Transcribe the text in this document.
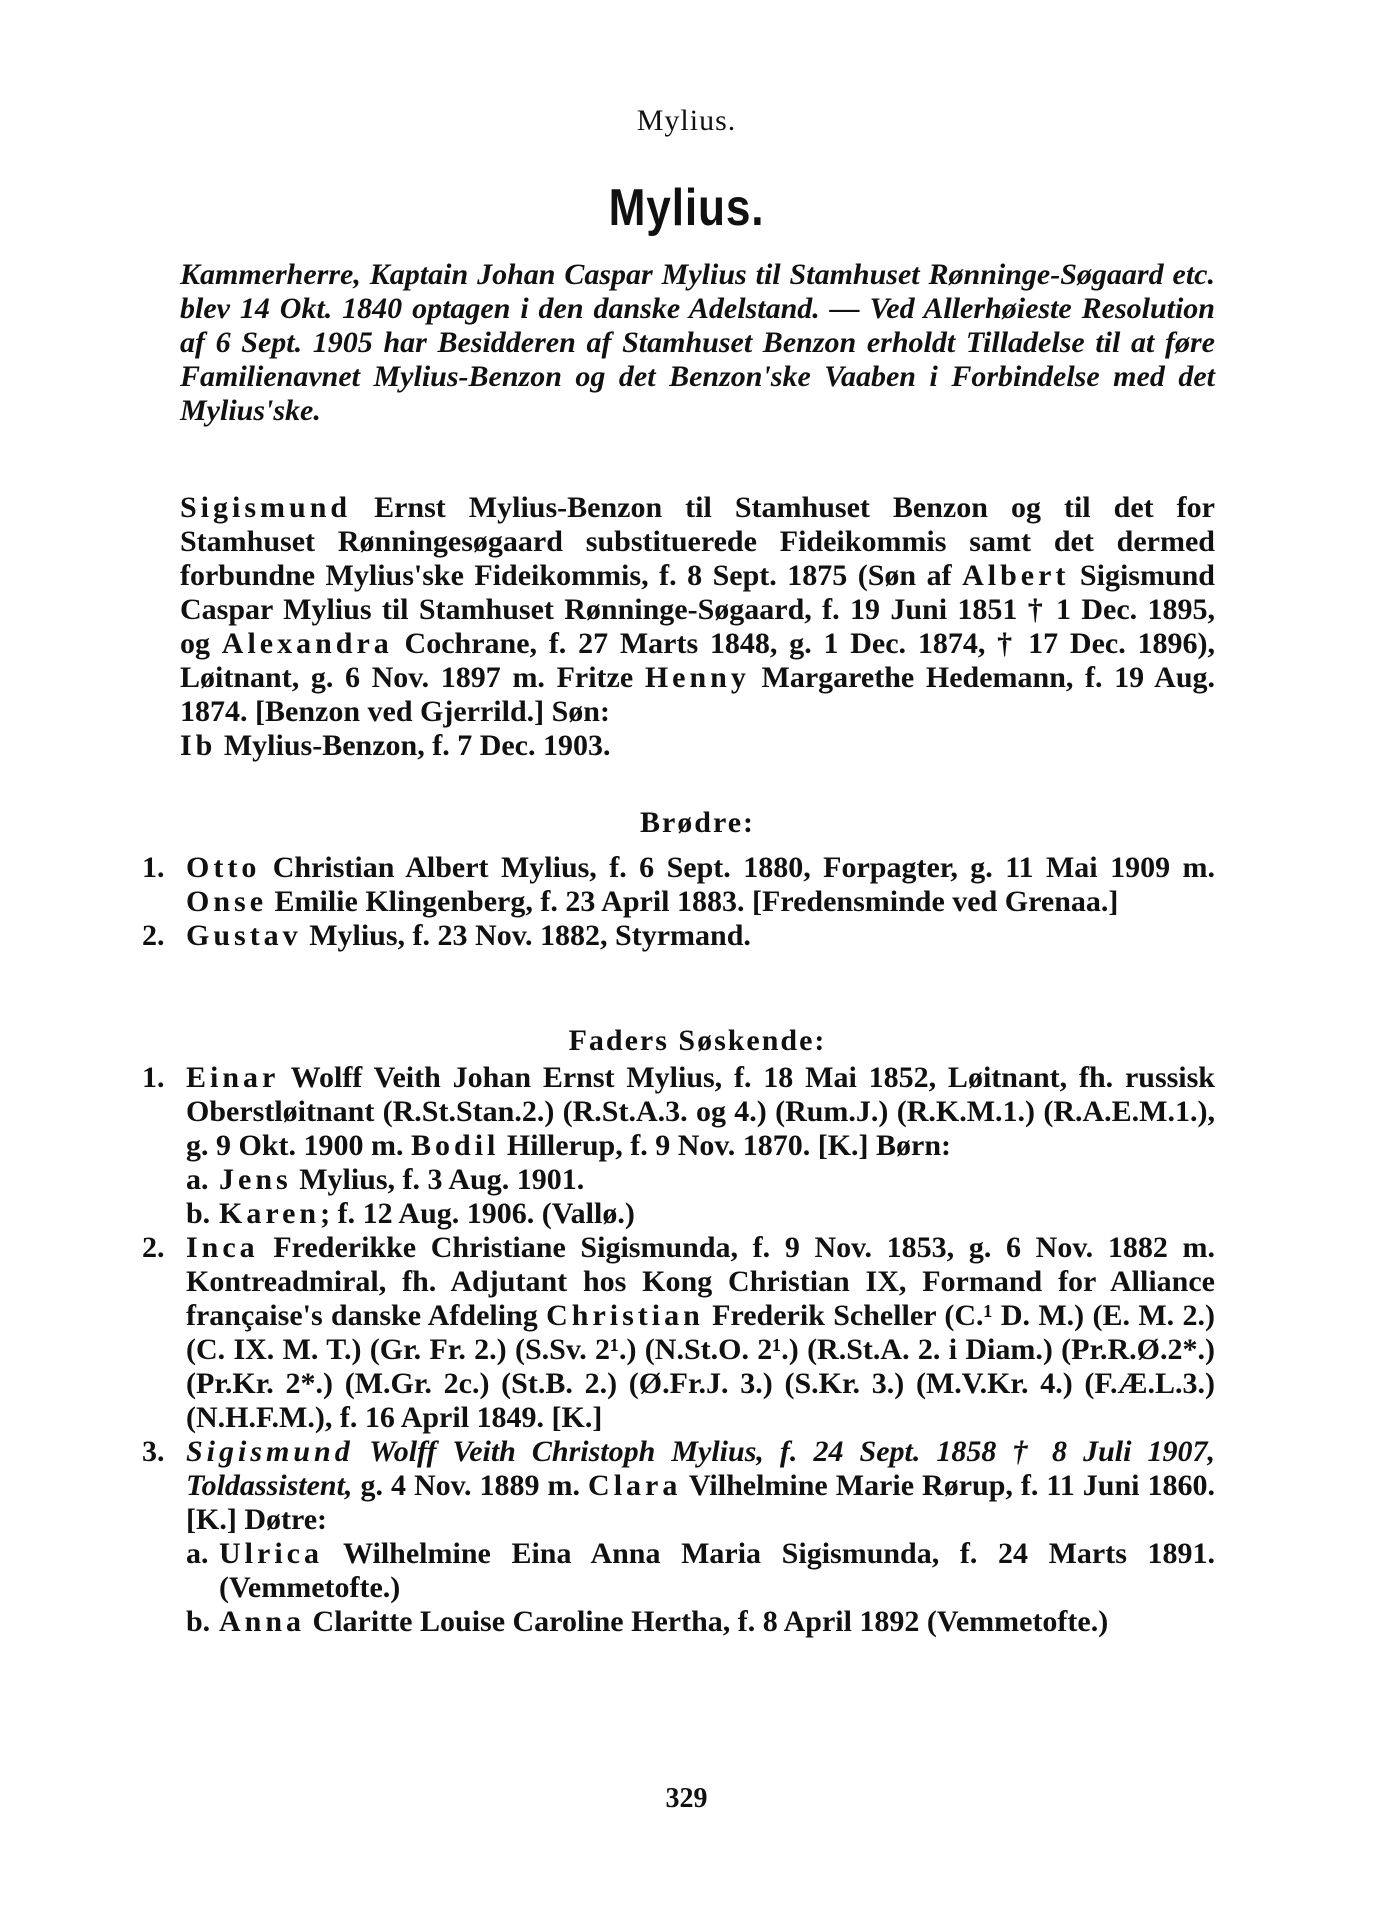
Mylius.
Mylius.
Kammerherre, Kaptain Johan Caspar Mylius til Stamhuset Rønninge-Søgaard etc. blev 14 Okt. 1840 optagen i den danske Adelstand. — Ved Allerhøieste Resolution af 6 Sept. 1905 har Besidderen af Stamhuset Benzon erholdt Tilladelse til at føre Familienavnet Mylius-Benzon og det Benzon'ske Vaaben i Forbindelse med det Mylius'ske.
Sigismund Ernst Mylius-Benzon til Stamhuset Benzon og til det for Stamhuset Rønningesøgaard substituerede Fideikommis samt det dermed forbundne Mylius'ske Fideikommis, f. 8 Sept. 1875 (Søn af Albert Sigismund Caspar Mylius til Stamhuset Rønninge-Søgaard, f. 19 Juni 1851 † 1 Dec. 1895, og Alexandra Cochrane, f. 27 Marts 1848, g. 1 Dec. 1874, † 17 Dec. 1896), Løitnant, g. 6 Nov. 1897 m. Fritze Henny Margarethe Hedemann, f. 19 Aug. 1874. [Benzon ved Gjerrild.] Søn:
Ib Mylius-Benzon, f. 7 Dec. 1903.
Brødre:
1. Otto Christian Albert Mylius, f. 6 Sept. 1880, Forpagter, g. 11 Mai 1909 m. Onse Emilie Klingenberg, f. 23 April 1883. [Fredensminde ved Grenaa.]
2. Gustav Mylius, f. 23 Nov. 1882, Styrmand.
Faders Søskende:
1. Einar Wolff Veith Johan Ernst Mylius, f. 18 Mai 1852, Løitnant, fh. russisk Oberstløitnant (R.St.Stan.2.) (R.St.A.3. og 4.) (Rum.J.) (R.K.M.1.) (R.A.E.M.1.), g. 9 Okt. 1900 m. Bodil Hillerup, f. 9 Nov. 1870. [K.] Børn:
a. Jens Mylius, f. 3 Aug. 1901.
b. Karen; f. 12 Aug. 1906. (Vallø.)
2. Inca Frederikke Christiane Sigismunda, f. 9 Nov. 1853, g. 6 Nov. 1882 m. Kontreadmiral, fh. Adjutant hos Kong Christian IX, Formand for Alliance française's danske Afdeling Christian Frederik Scheller (C.¹ D. M.) (E. M. 2.) (C. IX. M. T.) (Gr. Fr. 2.) (S.Sv. 2¹.) (N.St.O. 2¹.) (R.St.A. 2. i Diam.) (Pr.R.Ø.2*.) (Pr.Kr. 2*.) (M.Gr. 2c.) (St.B. 2.) (Ø.Fr.J. 3.) (S.Kr. 3.) (M.V.Kr. 4.) (F.Æ.L.3.) (N.H.F.M.), f. 16 April 1849. [K.]
3. Sigismund Wolff Veith Christoph Mylius, f. 24 Sept. 1858 † 8 Juli 1907, Toldassistent, g. 4 Nov. 1889 m. Clara Vilhelmine Marie Rørup, f. 11 Juni 1860. [K.] Døtre:
a. Ulrica Wilhelmine Eina Anna Maria Sigismunda, f. 24 Marts 1891. (Vemmetofte.)
b. Anna Claritte Louise Caroline Hertha, f. 8 April 1892 (Vemmetofte.)
329
